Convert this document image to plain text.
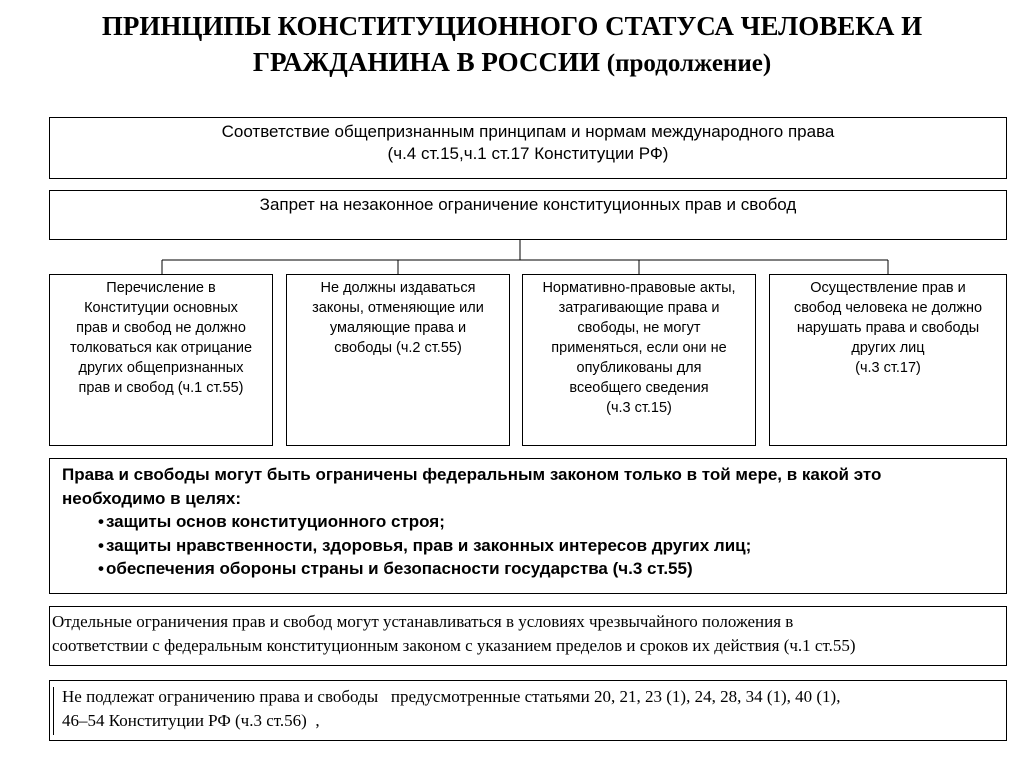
ПРИНЦИПЫ КОНСТИТУЦИОННОГО СТАТУСА ЧЕЛОВЕКА И
ГРАЖДАНИНА В РОССИИ (продолжение)
Соответствие общепризнанным принципам и нормам международного права
(ч.4 ст.15,ч.1 ст.17 Конституции РФ)
Запрет на незаконное ограничение конституционных прав и свобод
Перечисление в
Конституции основных
прав и свобод не должно
толковаться как отрицание
других общепризнанных
прав и свобод (ч.1 ст.55)
Не должны издаваться
законы, отменяющие или
умаляющие права и
свободы (ч.2 ст.55)
Нормативно-правовые акты,
затрагивающие права и
свободы, не могут
применяться, если они не
опубликованы для
всеобщего сведения
(ч.3 ст.15)
Осуществление прав и
свобод человека не должно
нарушать права и свободы
других лиц
(ч.3 ст.17)
Права и свободы могут быть ограничены федеральным законом только в той мере, в какой это
необходимо в целях:
• защиты основ конституционного строя;
• защиты нравственности, здоровья, прав и законных интересов других лиц;
• обеспечения обороны страны и безопасности государства (ч.3 ст.55)
Отдельные ограничения прав и свобод могут устанавливаться в условиях чрезвычайного положения в
соответствии с федеральным конституционным законом с указанием пределов и сроков их действия (ч.1 ст.55)
Не подлежат ограничению права и свободы   предусмотренные статьями 20, 21, 23 (1), 24, 28, 34 (1), 40 (1),
46–54 Конституции РФ (ч.3 ст.56)  ,
